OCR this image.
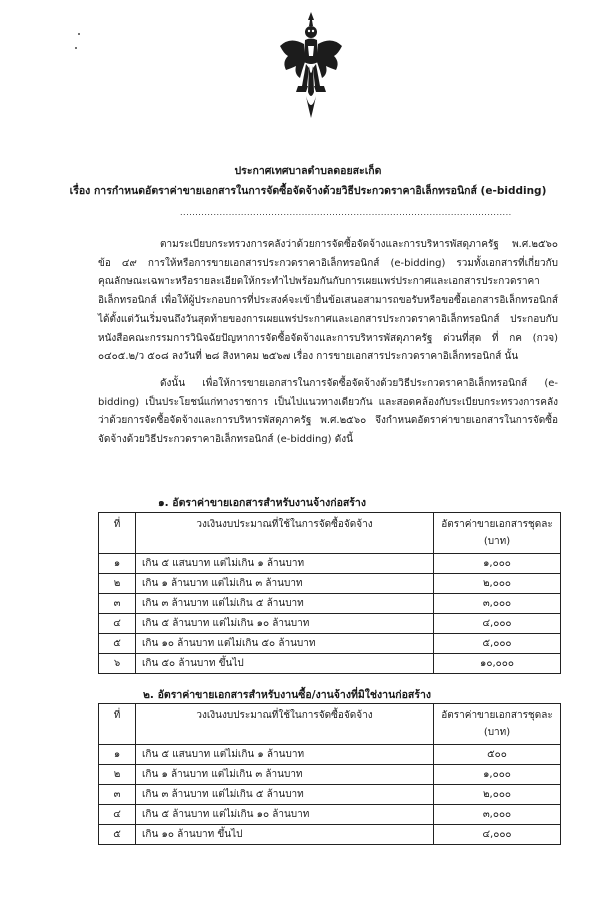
ประกาศเทศบาลตำบลดอยสะเก็ด
เรื่อง การกำหนดอัตราค่าขายเอกสารในการจัดซื้อจัดจ้างด้วยวิธีประกวดราคาอิเล็กทรอนิกส์ (e-bidding)
.............................................................................................................

ตามระเบียบกระทรวงการคลังว่าด้วยการจัดซื้อจัดจ้างและการบริหารพัสดุภาครัฐ พ.ศ.๒๕๖๐ ข้อ ๔๙ การให้หรือการขายเอกสารประกวดราคาอิเล็กทรอนิกส์ (e-bidding) รวมทั้งเอกสารที่เกี่ยวกับคุณลักษณะเฉพาะหรือรายละเอียดให้กระทำไปพร้อมกันกับการเผยแพร่ประกาศและเอกสารประกวดราคาอิเล็กทรอนิกส์ เพื่อให้ผู้ประกอบการที่ประสงค์จะเข้ายื่นข้อเสนอสามารถขอรับหรือขอซื้อเอกสารอิเล็กทรอนิกส์ได้ตั้งแต่วันเริ่มจนถึงวันสุดท้ายของการเผยแพร่ประกาศและเอกสารประกวดราคาอิเล็กทรอนิกส์ ประกอบกับหนังสือคณะกรรมการวินิจฉัยปัญหาการจัดซื้อจัดจ้างและการบริหารพัสดุภาครัฐ ด่วนที่สุด ที่ กค (กวจ) ๐๔๐๕.๒/ว ๕๐๘ ลงวันที่ ๒๘ สิงหาคม ๒๕๖๗ เรื่อง การขายเอกสารประกวดราคาอิเล็กทรอนิกส์ นั้น

ดังนั้น เพื่อให้การขายเอกสารในการจัดซื้อจัดจ้างด้วยวิธีประกวดราคาอิเล็กทรอนิกส์ (e-bidding) เป็นประโยชน์แก่ทางราชการ เป็นไปแนวทางเดียวกัน และสอดคล้องกับระเบียบกระทรวงการคลังว่าด้วยการจัดซื้อจัดจ้างและการบริหารพัสดุภาครัฐ พ.ศ.๒๕๖๐ จึงกำหนดอัตราค่าขายเอกสารในการจัดซื้อจัดจ้างด้วยวิธีประกวดราคาอิเล็กทรอนิกส์ (e-bidding) ดังนี้

๑. อัตราค่าขายเอกสารสำหรับงานจ้างก่อสร้าง
ที่	วงเงินงบประมาณที่ใช้ในการจัดซื้อจัดจ้าง	อัตราค่าขายเอกสารชุดละ
(บาท)

๑	เกิน ๕ แสนบาท แต่ไม่เกิน ๑ ล้านบาท	๑,๐๐๐
๒	เกิน ๑ ล้านบาท แต่ไม่เกิน ๓ ล้านบาท	๒,๐๐๐
๓	เกิน ๓ ล้านบาท แต่ไม่เกิน ๕ ล้านบาท	๓,๐๐๐
๔	เกิน ๕ ล้านบาท แต่ไม่เกิน ๑๐ ล้านบาท	๔,๐๐๐
๕	เกิน ๑๐ ล้านบาท แต่ไม่เกิน ๕๐ ล้านบาท	๕,๐๐๐
๖	เกิน ๕๐ ล้านบาท ขึ้นไป	๑๐,๐๐๐
๒. อัตราค่าขายเอกสารสำหรับงานซื้อ/งานจ้างที่มิใช่งานก่อสร้าง
ที่	วงเงินงบประมาณที่ใช้ในการจัดซื้อจัดจ้าง	อัตราค่าขายเอกสารชุดละ
(บาท)

๑	เกิน ๕ แสนบาท แต่ไม่เกิน ๑ ล้านบาท	๕๐๐
๒	เกิน ๑ ล้านบาท แต่ไม่เกิน ๓ ล้านบาท	๑,๐๐๐
๓	เกิน ๓ ล้านบาท แต่ไม่เกิน ๕ ล้านบาท	๒,๐๐๐
๔	เกิน ๕ ล้านบาท แต่ไม่เกิน ๑๐ ล้านบาท	๓,๐๐๐
๕	เกิน ๑๐ ล้านบาท ขึ้นไป	๔,๐๐๐
